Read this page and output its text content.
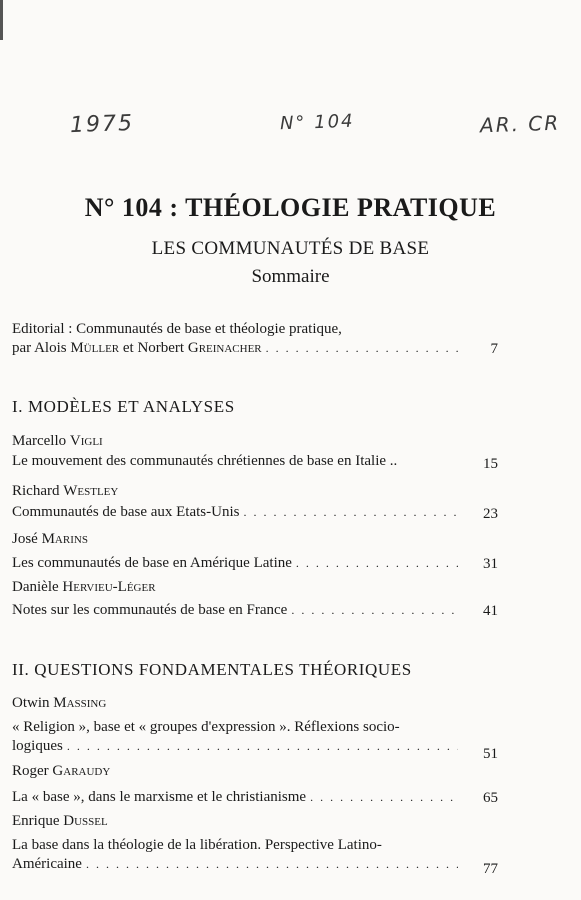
1975	N° 104	AR. CR
N° 104 : THÉOLOGIE PRATIQUE
LES COMMUNAUTÉS DE BASE
Sommaire
Editorial : Communautés de base et théologie pratique,
par Alois Müller et Norbert Greinacher . . .	7
I. MODÈLES ET ANALYSES
Marcello Vigli
Le mouvement des communautés chrétiennes de base en Italie ..	15
Richard Westley
Communautés de base aux Etats-Unis . . .	23
José Marins
Les communautés de base en Amérique Latine . . .	31
Danièle Hervieu-Léger
Notes sur les communautés de base en France . . .	41
II. QUESTIONS FONDAMENTALES THÉORIQUES
Otwin Massing
« Religion », base et « groupes d'expression ». Réflexions socio-
logiques . . .	51
Roger Garaudy
La « base », dans le marxisme et le christianisme . . .	65
Enrique Dussel
La base dans la théologie de la libération. Perspective Latino-
Américaine . . .	77
